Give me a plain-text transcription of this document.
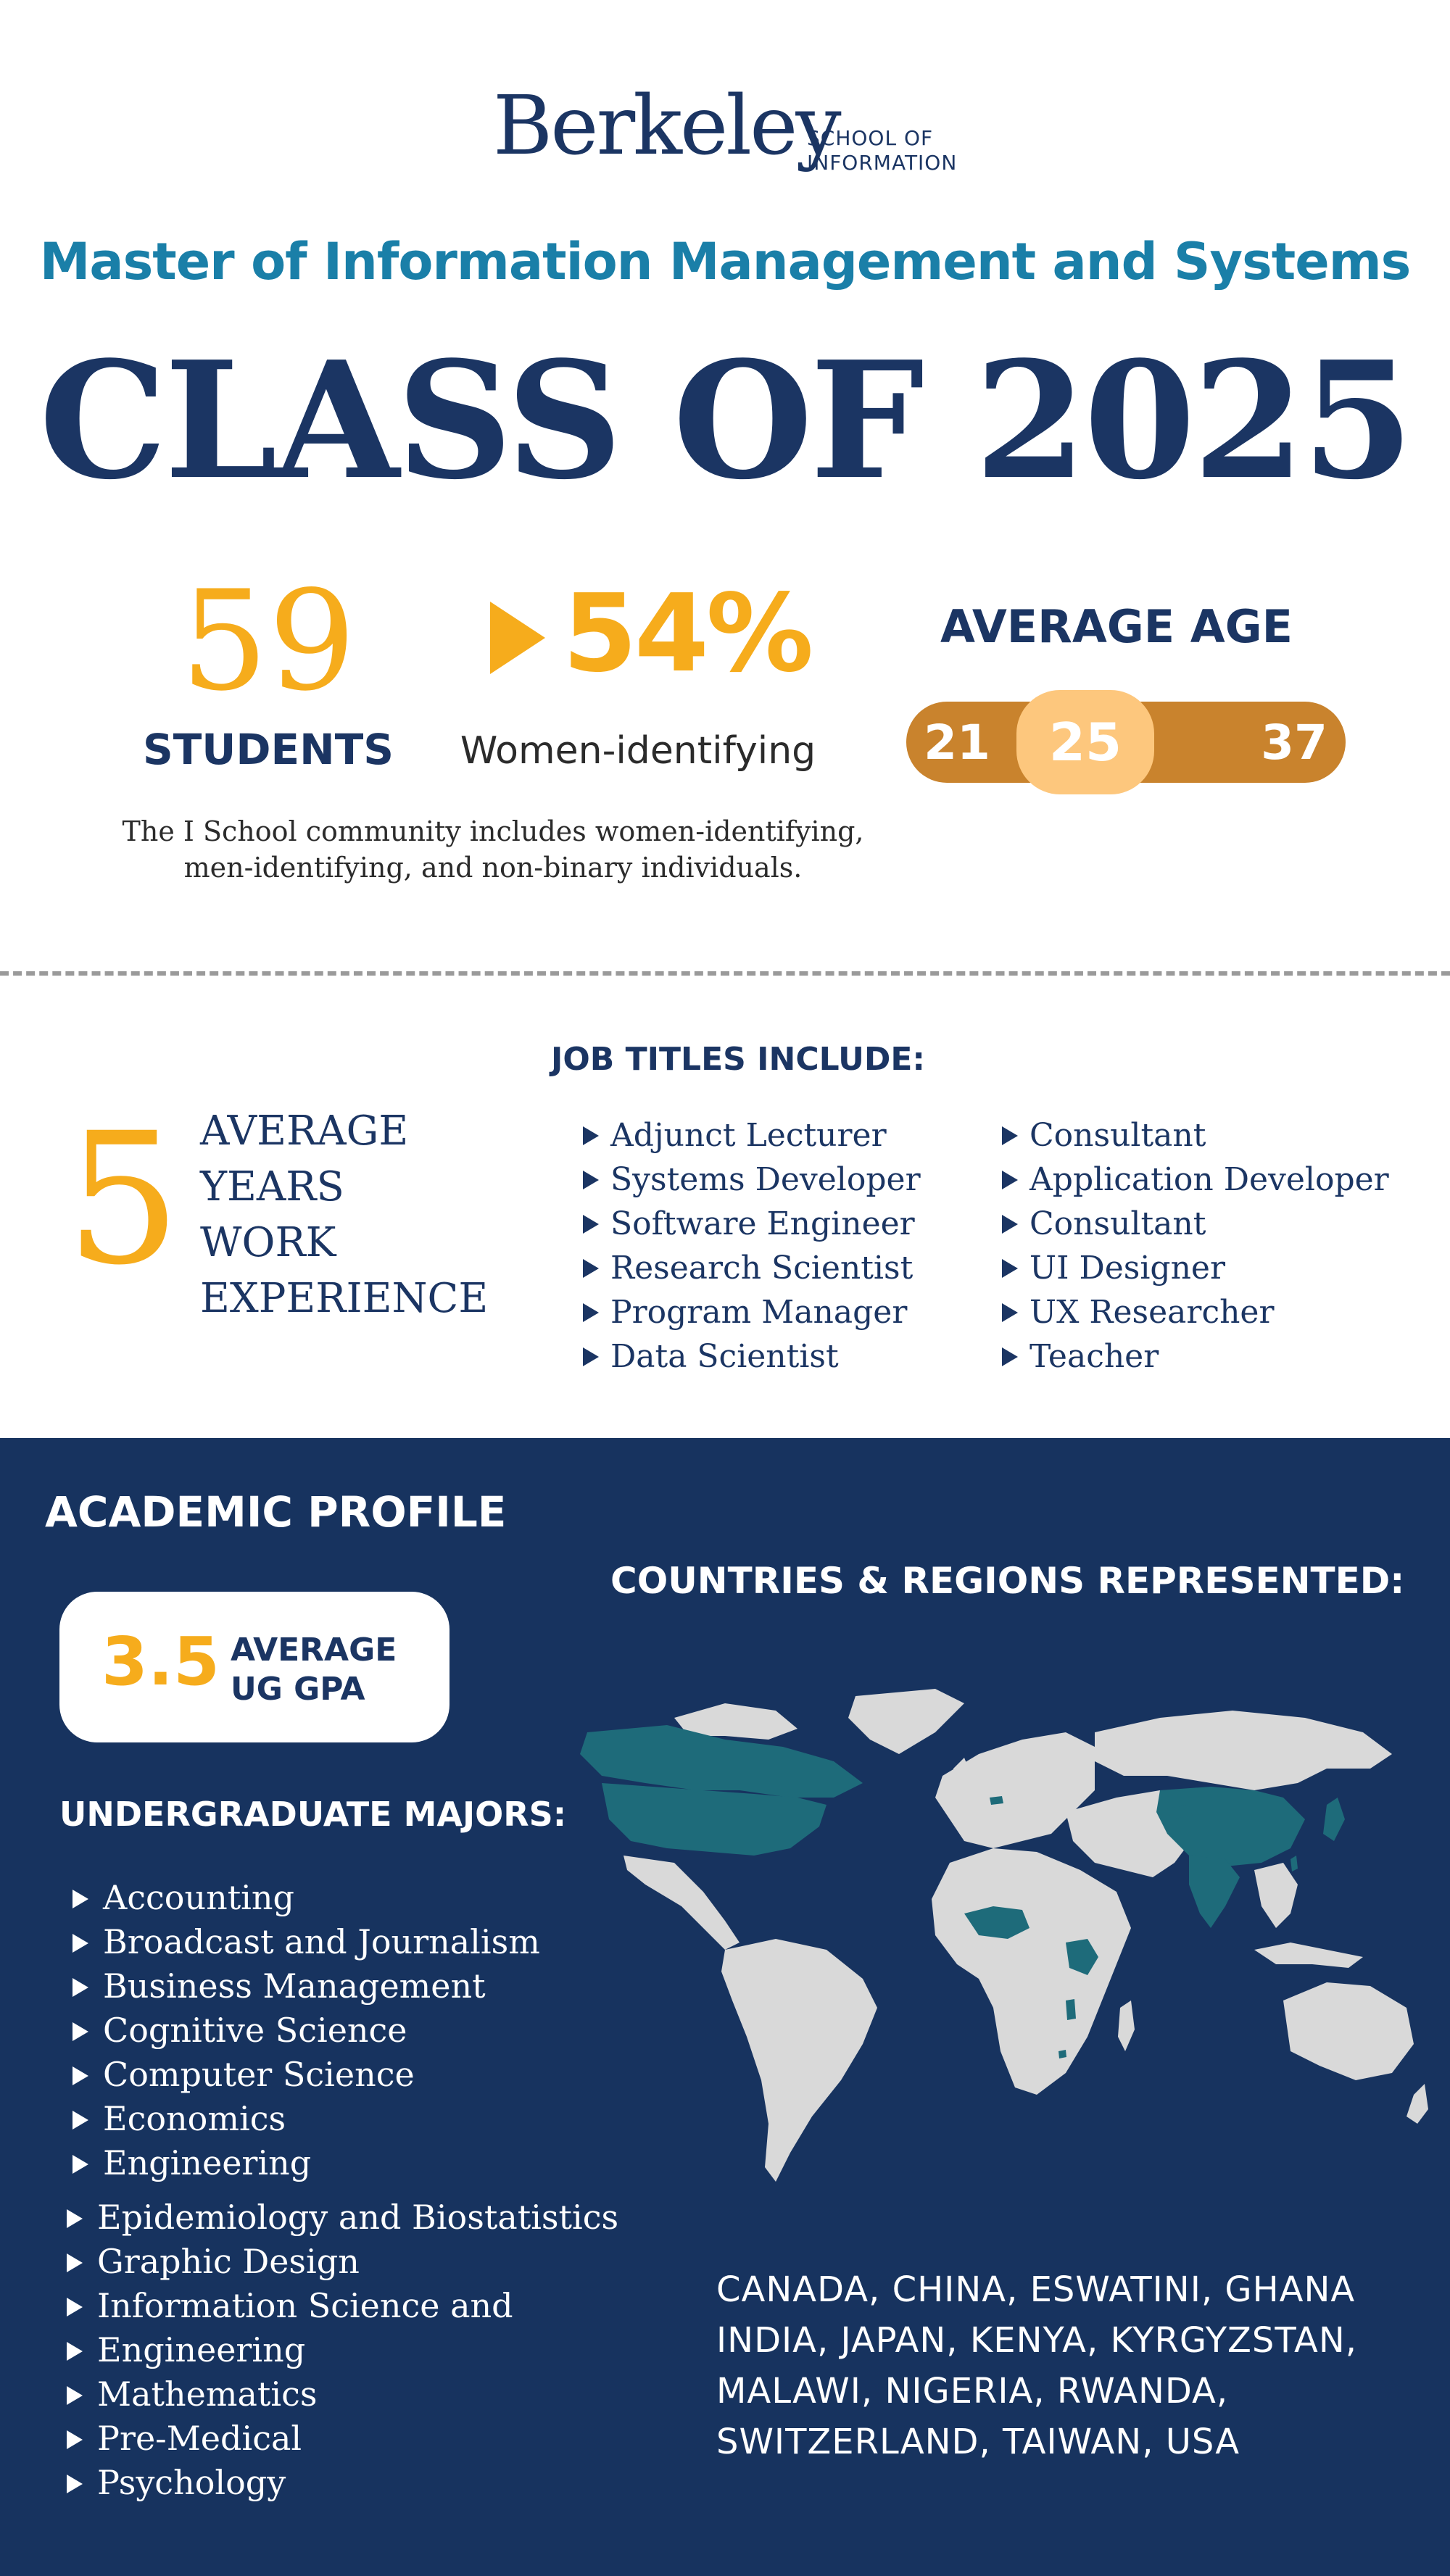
Berkeley
SCHOOL OF
INFORMATION
Master of Information Management and Systems
CLASS OF 2025
59
STUDENTS
54%
Women-identifying
AVERAGE AGE
21	37
25
The I School community includes women-identifying, men-identifying, and non-binary individuals.
5 AVERAGE
YEARS
WORK
EXPERIENCE
JOB TITLES INCLUDE:
Adjunct Lecturer
Systems Developer
Software Engineer
Research Scientist
Program Manager
Data Scientist
Consultant
Application Developer
Consultant
UI Designer
UX Researcher
Teacher
ACADEMIC PROFILE
3.5 AVERAGE
UG GPA
UNDERGRADUATE MAJORS:
Accounting
Broadcast and Journalism
Business Management
Cognitive Science
Computer Science
Economics
Engineering
Epidemiology and Biostatistics
Graphic Design
Information Science and
Engineering
Mathematics
Pre-Medical
Psychology
COUNTRIES & REGIONS REPRESENTED:
CANADA, CHINA, ESWATINI, GHANA
INDIA, JAPAN, KENYA, KYRGYZSTAN,
MALAWI, NIGERIA, RWANDA,
SWITZERLAND, TAIWAN, USA
